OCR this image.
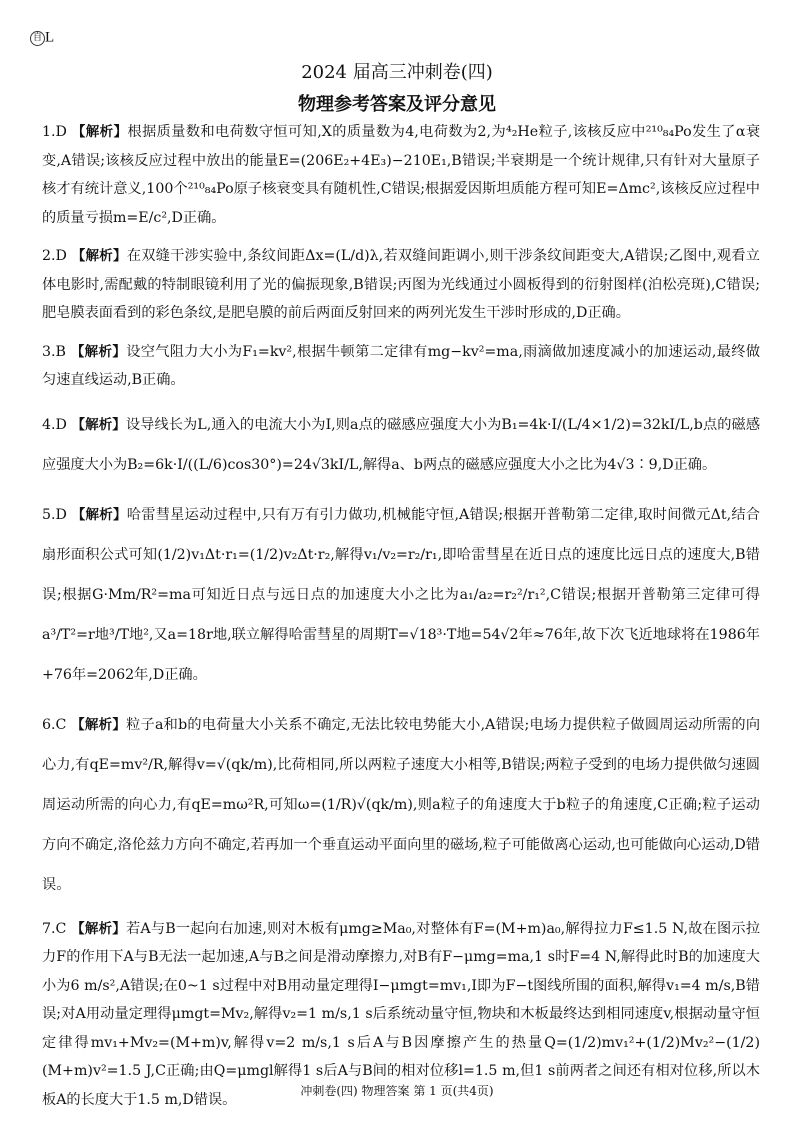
自 L
2024 届高三冲刺卷(四)
物理参考答案及评分意见

1.D 【解析】根据质量数和电荷数守恒可知,X的质量数为4,电荷数为2,为⁴₂He粒子,该核反应中²¹⁰₈₄Po发生了α衰变,A错误;该核反应过程中放出的能量E=(206E₂+4E₃)−210E₁,B错误;半衰期是一个统计规律,只有针对大量原子核才有统计意义,100个²¹⁰₈₄Po原子核衰变具有随机性,C错误;根据爱因斯坦质能方程可知E=Δmc²,该核反应过程中的质量亏损m=E/c²,D正确。

2.D 【解析】在双缝干涉实验中,条纹间距Δx=(L/d)λ,若双缝间距调小,则干涉条纹间距变大,A错误;乙图中,观看立体电影时,需配戴的特制眼镜利用了光的偏振现象,B错误;丙图为光线通过小圆板得到的衍射图样(泊松亮斑),C错误;肥皂膜表面看到的彩色条纹,是肥皂膜的前后两面反射回来的两列光发生干涉时形成的,D正确。

3.B 【解析】设空气阻力大小为F₁=kv²,根据牛顿第二定律有mg−kv²=ma,雨滴做加速度减小的加速运动,最终做匀速直线运动,B正确。

4.D 【解析】设导线长为L,通入的电流大小为I,则a点的磁感应强度大小为B₁=4k·I/(L/4×1/2)=32kI/L,b点的磁感应强度大小为B₂=6k·I/((L/6)cos30°)=24√3kI/L,解得a、b两点的磁感应强度大小之比为4√3∶9,D正确。

5.D 【解析】哈雷彗星运动过程中,只有万有引力做功,机械能守恒,A错误;根据开普勒第二定律,取时间微元Δt,结合扇形面积公式可知(1/2)v₁Δt·r₁=(1/2)v₂Δt·r₂,解得v₁/v₂=r₂/r₁,即哈雷彗星在近日点的速度比远日点的速度大,B错误;根据G·Mm/R²=ma可知近日点与远日点的加速度大小之比为a₁/a₂=r₂²/r₁²,C错误;根据开普勒第三定律可得a³/T²=r地³/T地²,又a=18r地,联立解得哈雷彗星的周期T=√18³·T地=54√2年≈76年,故下次飞近地球将在1986年+76年=2062年,D正确。

6.C 【解析】粒子a和b的电荷量大小关系不确定,无法比较电势能大小,A错误;电场力提供粒子做圆周运动所需的向心力,有qE=mv²/R,解得v=√(qk/m),比荷相同,所以两粒子速度大小相等,B错误;两粒子受到的电场力提供做匀速圆周运动所需的向心力,有qE=mω²R,可知ω=(1/R)√(qk/m),则a粒子的角速度大于b粒子的角速度,C正确;粒子运动方向不确定,洛伦兹力方向不确定,若再加一个垂直运动平面向里的磁场,粒子可能做离心运动,也可能做向心运动,D错误。

7.C 【解析】若A与B一起向右加速,则对木板有μmg≥Ma₀,对整体有F=(M+m)a₀,解得拉力F≤1.5 N,故在图示拉力F的作用下A与B无法一起加速,A与B之间是滑动摩擦力,对B有F−μmg=ma,1 s时F=4 N,解得此时B的加速度大小为6 m/s²,A错误;在0~1 s过程中对B用动量定理得I−μmgt=mv₁,I即为F−t图线所围的面积,解得v₁=4 m/s,B错误;对A用动量定理得μmgt=Mv₂,解得v₂=1 m/s,1 s后系统动量守恒,物块和木板最终达到相同速度v,根据动量守恒定律得mv₁+Mv₂=(M+m)v,解得v=2 m/s,1 s后A与B因摩擦产生的热量Q=(1/2)mv₁²+(1/2)Mv₂²−(1/2)(M+m)v²=1.5 J,C正确;由Q=μmgl解得1 s后A与B间的相对位移l=1.5 m,但1 s前两者之间还有相对位移,所以木板A的长度大于1.5 m,D错误。

冲刺卷(四) 物理答案 第 1 页(共4页)
